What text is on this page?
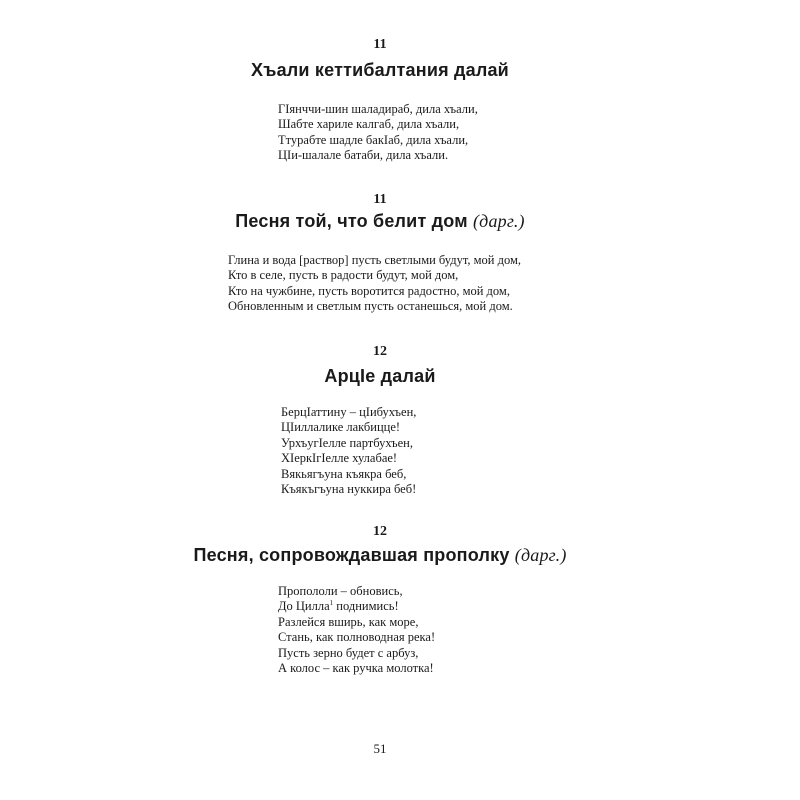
11
Хъали кеттибалтания далай
ГІянччи-шин шаладираб, дила хъали,
Шабте хариле калгаб, дила хъали,
Ттурабте шадле бакІаб, дила хъали,
ЦІи-шалале батаби, дила хъали.
11
Песня той, что белит дом (дарг.)
Глина и вода [раствор] пусть светлыми будут, мой дом,
Кто в селе, пусть в радости будут, мой дом,
Кто на чужбине, пусть воротится радостно, мой дом,
Обновленным и светлым пусть останешься, мой дом.
12
АрцІе далай
БерцІаттину – цІибухъен,
ЦІиллалике лакбицце!
УрхъугІелле партбухъен,
ХІеркІгІелле хулабае!
Вякьягъуна къякра беб,
Къякъгъуна нуккира беб!
12
Песня, сопровождавшая прополку (дарг.)
Пропололи – обновись,
До Цилла$^1$ поднимись!
Разлейся вширь, как море,
Стань, как полноводная река!
Пусть зерно будет с арбуз,
А колос – как ручка молотка!
51
